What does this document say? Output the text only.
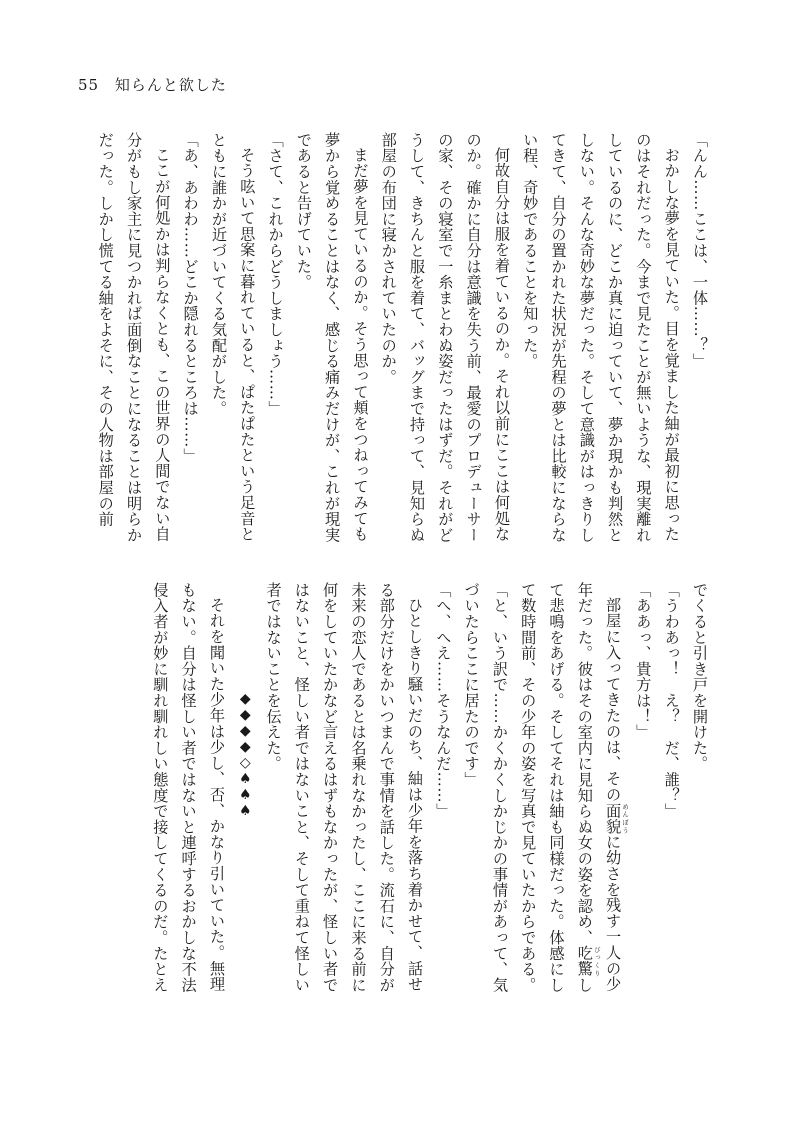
55 知らんと欲した

「んん……ここは、一体……？」

おかしな夢を見ていた。目を覚ました紬が最初に思ったのはそれだった。今まで見たことが無いような、現実離れしているのに、どこか真に迫っていて、夢か現かも判然としない。そんな奇妙な夢だった。そして意識がはっきりしてきて、自分の置かれた状況が先程の夢とは比較にならない程、奇妙であることを知った。

何故自分は服を着ているのか。それ以前にここは何処なのか。確かに自分は意識を失う前、最愛のプロデューサーの家、その寝室で一糸まとわぬ姿だったはずだ。それがどうして、きちんと服を着て、バッグまで持って、見知らぬ部屋の布団に寝かされていたのか。

まだ夢を見ているのか。そう思って頬をつねってみても夢から覚めることはなく、感じる痛みだけが、これが現実であると告げていた。

「さて、これからどうしましょう……」

そう呟いて思案に暮れていると、ぱたぱたという足音とともに誰かが近づいてくる気配がした。

「あ、あわわ……どこか隠れるところは……」

ここが何処かは判らなくとも、この世界の人間でない自分がもし家主に見つかれば面倒なことになることは明らかだった。しかし慌てる紬をよそに、その人物は部屋の前

でくると引き戸を開けた。

「うわあっ！　え？　だ、誰？」

「ああっ、貴方は！」

部屋に入ってきたのは、その面貌 めんぼうに幼さを残す一人の少年だった。彼はその室内に見知らぬ女の姿を認め、吃驚 びっくりして悲鳴をあげる。そしてそれは紬も同様だった。体感にして数時間前、その少年の姿を写真で見ていたからである。

「と、いう訳で……かくかくしかじかの事情があって、気づいたらここに居たのです」

「へ、へえ……そうなんだ……」

ひとしきり騒いだのち、紬は少年を落ち着かせて、話せる部分だけをかいつまんで事情を話した。流石に、自分が未来の恋人であるとは名乗れなかったし、ここに来る前に何をしていたかなど言えるはずもなかったが、怪しい者ではないこと、怪しい者ではないこと、そして重ねて怪しい者ではないことを伝えた。

◆◆◆◆◇♠♠♠

それを聞いた少年は少し、否、かなり引いていた。無理もない。自分は怪しい者ではないと連呼するおかしな不法侵入者が妙に馴れ馴れしい態度で接してくるのだ。たとえ
